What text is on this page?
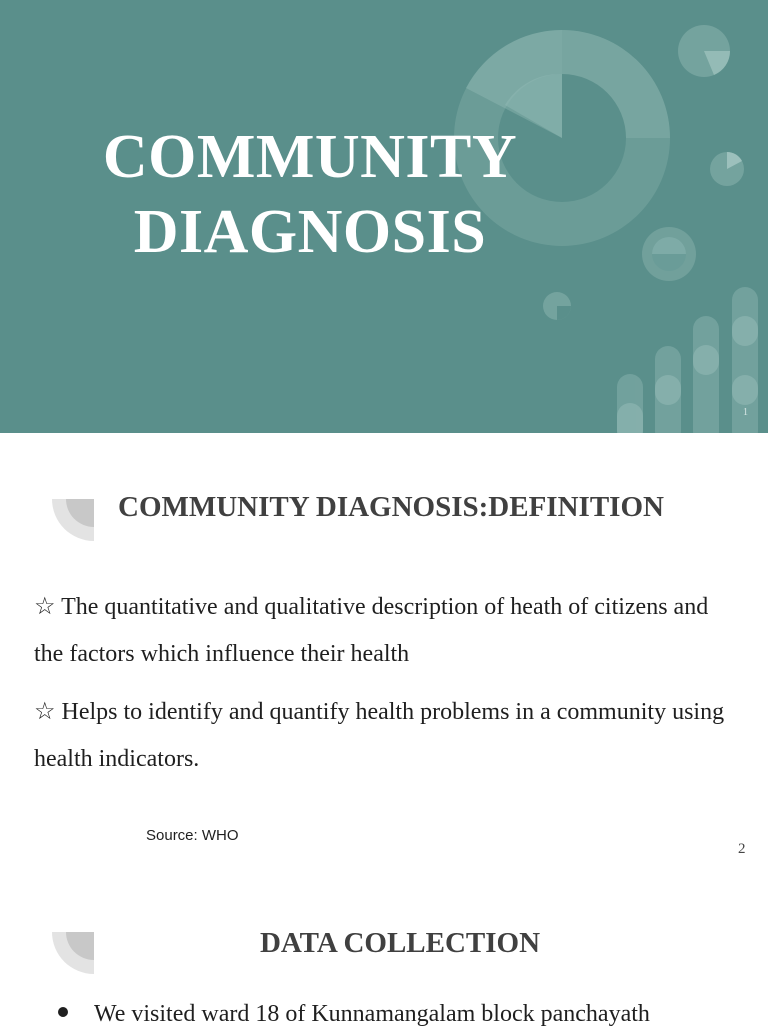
COMMUNITY
DIAGNOSIS
1
COMMUNITY DIAGNOSIS:DEFINITION
☆ The quantitative and qualitative description of heath of citizens and the factors which influence their health
☆ Helps to identify and quantify health problems in a community using health indicators.
Source: WHO
2
DATA COLLECTION
We visited ward 18 of Kunnamangalam block panchayath
